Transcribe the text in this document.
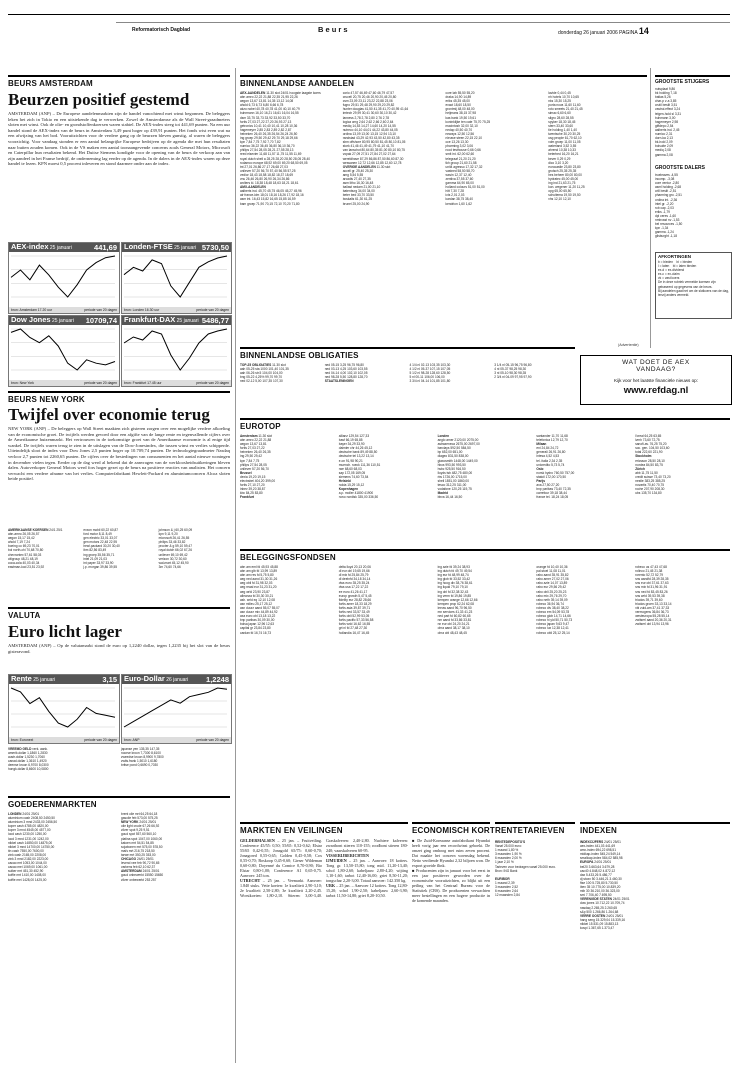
Reformatorisch Dagblad	B e u r s	donderdag 26 januari 2006 PAGINA 14
BEURS AMSTERDAM
Beurzen positief gestemd
AMSTERDAM (ANP) – De Europese aandelenmarkten zijn de handel vanochtend met winst begonnen. De beleggers leken het zich in Tokio en een uitstekende dag te verwerken. Zowel de Amsterdamse als de Wall Street-graadmeters sloten met winst. Ook de olie- en grondstoffenkoersen waren stabiel. De AEX-index steeg tot 441,69 punten. Na een uur handel stond de AEX-index van de beurs in Amsterdam 3,49 punt hoger op 439,91 punten. Het fonds wist even wat na een afwijzing van het bod. Vooruitzichten voor de verdere gang op de beurzen bleven gunstig, al waren de beleggers voorzichtig. Voor vandaag stonden er een aantal belangrijke Europese bedrijven op de agenda die met hun resultaten naar buiten zouden komen. Ook in de VS maken een aantal toonaangevende concerns zoals General Motors, Microsoft en Caterpillar hun resultaten bekend. Het Duitse Siemens kondigde voor de opening van de beurs de verkoop aan van zijn aandeel in het Franse bedrijf, de onderneming lag eerder op de agenda. In de dalers in de AEX-index waren op deze handel te lezen. KPN moest 0,5 procent inleveren en stond daarmee onder aan de index.
AEX-index 25 januari	441,69
bron: Amsterdam 17.20 uur	periode van 20 dagen
Londen-FTSE 25 januari 5730,50
bron: Londen 16.30 uur	periode van 20 dagen
Dow Jones 25 januari 10709,74
bron: New York	periode van 20 dagen
Frankfurt-DAX 25 januari 5486,77
bron: Frankfurt 17.45 uur	periode van 20 dagen
BEURS NEW YORK
Twijfel over economie terug
NEW YORK (ANP) – De beleggers op Wall Street maakten zich gisteren zorgen over een mogelijke verdere afkoeling van de economische groei. De twijfels werden gevoed door een afgifte van de lange rente en tegenvallende cijfers over de Amerikaanse huizenmarkt. Het vertrouwen in de toekomstige groei van de Amerikaanse economie is al enige tijd wankel. De twijfels waren terug te zien in de uitslagen van de Dow-Jonesindex, die tussen winst en verlies schipperde. Uiteindelijk sloot de index voor Dow Jones 2,5 punten hoger op 10.709,74 punten. De technologiegraadmeter Nasdaq verloor 2,7 punten tot 2260,65 punten. De cijfers over de bestedingen van consumenten en het aantal nieuwe woningen in december vielen tegen. Eerder op de dag werd al bekend dat de aanvragen van de werkloosheidsuitkeringen bleven dalen. Autoverkoper General Motors werd fors hoger gezet op de beurs na positieve reacties van analisten. Het concern verwacht een verdere afname van het verlies. Computerfabrikant Hewlett-Packard en aluminiumconcern Alcoa sloten beide positief.
AMERIKAANSE KOERSEN 24/1 25/1
abn-amro 26,05 26,57
aegon 15,17 15,42
ahold 7,19 7,24
boeing co 69,23 70,01
bol north-chi 70,68 70,80
chevrontex 57,61 58,03
citigroup 48,21 48,19
coca-cola 40,03 40,34
eastman-kod 23,51 23,92
exxon mobil 60,22 60,87
ford motor 8,11 8,49
gen electric 33,01 33,07
gen motors 22,48 22,95
hewl.packard 30,20 30,40
ibm 82,56 83,49
ing groep 35,56 35,71
intel 21,09 21,03
int paper 33,97 33,90
j.p. morgan 39,86 39,55
johnson & j 60,25 60,09
kpn 9,11 9,20
microsoft 26,41 26,55
philips 33,46 33,82
procter & g 59,10 59,47
royal dutch 66,02 67,26
unilever 69,10 69,42
verizon 30,72 30,60
wal-mart 45,12 45,90
3m 74,60 74,66
VALUTA
Euro licht lager
AMSTERDAM (ANP) – Op de valutamarkt stond de euro op 1,2240 dollar, tegen 1,2235 bij het slot van de beurs gisteravond.
Rente 25 januari	3,15
bron: Euronext	periode van 20 dagen
Euro-Dollar 26 januari 1,2248
bron: ANP	periode van 20 dagen
VREEMD GELD verk. aank.
amerik.dollar 1,1860 1,2830
austr.dollar 1,5230 1,7060
canad.dollar 1,3610 1,4920
deense kroon 6,9700 8,0300
hongk.dollar 8,6600 10,0800
japanse yen 135,35 147,35
noorse kroon 7,7300 8,6100
zweedse kroon 8,9900 9,7800
zwits.frank 1,5010 1,6180
britse pond 0,6690 0,7030
GOEDERENMARKTEN
LONDEN 24/01 25/01
aluminium cash 2408,50 2450,50
aluminium 3 mnd 2433,00 2456,50
koper cash 4785,00 4820,00
koper 3 mnd 4545,00 4577,00
lood cash 1230,00 1250,00
lood 3 mnd 1231,00 1242,00
nikkel cash 14850,00 14875,00
nikkel 3 mnd 14700,00 14750,00
tin cash 7550,00 7600,00
zink cash 2165,00 2208,00
zink 3 mnd 2182,00 2223,00
cacao mrt 1053,00 1044,00
cacao mei 1069,00 1061,00
suiker mrt 451,30 452,90
koffie mrt 1410,00 1408,00
koffie mei 1428,00 1425,00
brent olie mrt 64,25 64,18
gasolie feb 573,00 575,25
NEW YORK 24/01 25/01
olie light crude 67,26 66,92
zilver spot 9,25 9,51
goud spot 557,60 560,10
platina spot 1047,00 1060,00
katoen mrt 54,51 54,85
sojabonen mrt 575,00 578,50
maïs mrt 216,75 218,50
tarwe mrt 350,25 353,00
CHICAGO 24/01 25/01
levend vee feb 90,72 90,65
varkens feb 62,10 62,37
AMSTERDAM 24/01 25/01
goud onbewerkt 15550 15650
zilver onbewerkt 253 257
BINNENLANDSE AANDELEN
AEX-AANDELEN 11.30 slot 24/01 hoogste laagste koers
abn amro 22,22 21,88 22,35 21,95 22,26
aegon 13,67 13,81 14,35 13,12 14,08
ahold 6,73 6,73 6,80 6,66 6,78
akzo nobel 40,78 40,78 41,00 40,10 40,79
buhrmann 16,10 16,21 16,61 16,04 16,55
dsm 33,75 33,73 33,92 33,50 33,70
fortis 27,03 27,22 27,20 26,93 27,13
getronics 10,41 10,40 10,41 10,28 10,36
hagemeyer 2,85 2,83 2,89 2,82 2,87
heineken 26,40 26,35 26,54 26,24 26,50
ing groep 29,50 29,42 29,70 29,18 29,66
kpn 7,84 7,75 7,92 7,70 7,82
numico 36,22 36,45 36,80 36,10 36,70
philips 27,54 28,05 28,21 27,55 28,13
reed elsevier 11,68 11,57 11,75 11,55 11,69
royal dutch shell a 28,25 28,20 28,50 28,05 28,40
rodamco europe 68,92 69,00 69,20 68,50 69,05
tnt 27,01 26,86 27,17 26,68 27,03
unilever 57,20 56,70 57,40 56,55 57,25
vedior 18,43 18,58 18,82 18,37 18,69
vnu 26,46 26,80 26,90 26,34 26,86
wolters kl. 18,38 18,48 18,63 18,21 18,61
AMX-AANDELEN
aalberts ind. 45,70 45,75 46,05 45,27 45,96
air france-klm 18,01 18,16 18,26 17,92 18,16
asm int. 16,43 15,82 16,65 15,85 16,59
bam groep 71,90 70,15 72,10 70,20 71,80
corio 47,57 46,69 47,60 46,79 47,57
crucell 20,75 20,46 20,90 20,45 20,80
csm 23,09 23,11 23,22 22,88 23,06
fugro 29,51 29,48 29,90 29,20 29,82
hunter douglas 41,50 41,35 41,70 40,95 41,64
imtech 29,99 30,41 30,60 30,10 30,42
lanxess 2,78 2,78 2,80 2,76 2,78
logica cmg 2,64 2,62 2,66 2,60 2,64
mediq 14,53 14,27 14,60 14,20 14,55
nutreco 44,10 44,01 44,22 43,80 44,05
ordina 13,09 13,00 13,15 12,94 13,10
randstad 43,29 42,93 43,50 42,80 43,35
sbm offshore 80,95 80,50 81,45 80,10 81,05
stork 41,46 41,49 41,79 41,10 41,70
van lanschot 80,64 80,35 81,00 80,10 80,75
vopak 27,09 27,51 27,84 27,02 27,64
wereldhave 87,29 86,86 87,50 86,60 87,30
wessanen 12,72 12,66 12,85 12,60 12,78
OVERIGE AANDELEN 11.30 slot
accell gr. 25,40 25,30
amg 5,54 5,55
arcadis 27,40 27,35
asm litho 16,30 16,48
ballast nedam 21,00 21,10
batenburg 34,00 34,00
beter bed 33,70 33,50
boskalis 61,30 61,25
brunel 25,00 24,90
core lab 55,50 55,20
draka 14,90 14,89
eriks 45,35 45,00
exact 18,60 18,50
grontmij 48,00 48,00
heijmans 38,15 37,98
kas bank 19,50 19,61
koninklijke ten cate 75,70 75,25
macintosh 32,00 32,10
nedap 40,50 40,70
neways 12,50 12,56
nieuwe steen 22,15 22,10
oce 13,26 13,30
pharming 3,02 3,06
rood testhouse 0,66 0,66
smit int. 62,00 62,60
telegraaf 21,20 21,20
tkh group 21,60 21,58
unit4 agresso 17,32 17,32
vastned 58,50 58,70
wavin 12,37 12,40
zentiva 37,55 37,60
gamma 64,90 65,00
holland colours 51,00 51,00
hitt 7,30 7,28
icts 2,01 2,03
kardan 38,75 38,40
kendrion 1,60 1,62
lavide 0,44 0,45
nh hotels 10,70 10,65
nks 15,30 15,25
porta nova 11,60 11,60
roto smeets 21,40 21,45
simac 6,60 6,60
sligro 28,60 28,55
spyker 18,30 18,45
stern 33,40 33,60
tie holding 1,40 1,40
twentsche 30,20 30,25
usg people 61,70 62,10
vdm groep 11,00 11,05
waterland 3,52 3,55
ahrend 10,38 10,33
beterbed 16,20 16,21
bever 0,29 0,29
dico 3,10 3,20
eurocastle 23,80 23,80
grolsch 25,35 25,35
hes beheer 80,00 80,00
hydratec 45,00 45,00
ing ind 21,63 21,75
kon. wegener 11,20 11,25
opg 65,00 65,50
schuitema 19,50 19,50
vhs 12,10 12,10
(Advertentie)
GROOTSTE STIJGERS
nutsplaat 9,86
bk holding 7,18
batlas 5,26
char-p v-a 3,85
crutil beslit 3,51
vastrui.effect 3,24
telgen-hold sl 3,31
buhmann 3,00
hagemeyer 2,98
giftdepo 2,54
aalberts ind. 2,45
numico 2,31
dorn-ka 2,13
bk-hold 2,09
bolsuite 2,09
mediq 2,08
gamma 2,08
GROOTSTE DALERS
trueleaves -4,55
incomp. -3,08
core ventur -2,80
asml holding -2,68
crill beslit -2,51
pharming gro -2,51
ordina int. -2,36
intel gr. -2,20
rob cap -2,03
eriks -1,79
dpl ceres -1,60
nmbvast nv -1,53
bel resources -1,50
kpn -1,34
gamma -1,24
gilsburght -1,18
AFKORTINGEN
b = bieden    bi = bieden
l = laten    bl = laten bieden
ex-d = ex-dividend
ex-c = ex-claim
vk = vast koers
De in deze rubriek vermelde koersen zijn gebaseerd op gegevens van de beurs.
Bij aandelen gaat het om de slotkoers van de dag, tenzij anders vermeld.
WAT DOET DE AEX
VANDAAG?
Kijk voor het laatste financiële nieuws op:
www.refdag.nl
BINNENLANDSE OBLIGATIES
TOP-25 OBLIGATIES 11.30 slot
aah 05-25 sta 1000 101,40 101,35
aah 06-26 str.5 104,00 104,00
bng 05-22 4,25% 99,70 99,70
ned 02-12 5,00 107,35 107,30
ned 05-15 3,25 96,75 96,80
ned 03-13 4,25 103,60 103,55
ned 04-14 4,00 102,10 102,05
ned 98-28 5,50 128,80 128,70
STAATSLENINGEN
4 1/4 nl 02-13 103,35 103,30
4 1/2 nl 05-37 107,15 107,05
5 1/2 nl 98-28 128,60 128,50
5 nl 00-11 106,00 106,00
3 3/4 nl 04-14 101,85 101,80
3 1/4 nl 05-15 96,75 96,80
4 nl 05-37 98,25 98,30
3 nl 05-10 98,30 98,35
2 3/4 nl 04-09 97,95 97,90
EUROTOP
Amsterdam 11.30 slot
abn amro 22,22 21,88
aegon 13,67 13,81
fortis 27,03 27,22
heineken 26,40 26,35
ing 29,50 29,42
kpn 7,84 7,75
philips 27,54 28,05
unilever 57,20 56,70
Brussel
dexia 19,20 19,15
electrabel 404,20 399,00
fortis 27,10 27,20
inbev 39,20 38,87
kbc 84,25 83,80
Frankfurt
allianz 129,54 127,33
basf 66,19 65,85
bayer 34,29 33,90
daimler chr 44,26 45,12
deutsche bank 89,49 88,50
deutsche tel 13,22 13,14
e.on 91,98 90,21
muench. rueck 111,36 110,51
rwe 68,60 68,03
sap 172,05 169,05
siemens 74,60 73,54
Helsinki
nokia 15,29 15,12
Kopenhagen
a.p. moller 41800 41900
novo nordisk 335,00 336,50
Londen
anglo amer 2120,00 2075,00
astrazeneca 2675,00 2697,00
barclays 592,50 584,50
bp 652,00 651,00
diageo 831,50 838,00
glaxosmith 1448,00 1449,00
hbos 993,50 993,50
hsbc 925,50 916,50
lloyds tsb 482,75 480,00
rbs 1726,00 1715,00
shell 1851,00 1860,00
tesco 312,25 311,00
vodafone 120,25 119,75
Madrid
bbva 16,44 16,50
santander 11,70 11,68
telefonica 12,79 12,70
Milaan
eni 24,84 24,72
generali 26,91 26,80
intesa 4,52 4,53
tel. italia 2,34 2,35
unicredito 5,73 5,74
Oslo
norsk hydro 760,50 757,00
statoil 172,00 170,50
Parijs
axa 27,50 27,20
bnp paribas 73,40 72,35
carrefour 39,18 38,44
france tel. 18,24 18,05
l'oreal 64,25 63,65
lvmh 73,60 72,75
sanofi-av. 76,25 75,20
soc. gen. 104,50 103,60
total 222,60 221,90
Stockholm
ericsson 28,50 28,10
nordea 84,50 83,75
Zürich
abb 11,75 11,50
credit suisse 73,40 73,20
nestle 383,25 385,25
novartis 70,40 70,75
roche 207,90 208,30
ubs 135,70 134,80
BELEGGINGSFONDSEN
abn am eml fd 45,93 45,88
abn am glb fd 13,99 13,89
abn am res fd 5,75 5,80
aeg ned aand 31,30 31,26
aeg obli fd 31,98 32,03
aeg reaal eur 31,23 31,20
aeg wrld 23,90 23,87
alleanza fd 30,30 30,21
ash. wrld eq 12,10 12,08
asn milieu 25,17 25,12
asn duurz aand 55,07 55,07
asn duurz mix 44,89 44,92
axa euro obl 13,18 13,22
bnp paribas 30,09 30,00
bolsa japan 12,96 12,63
capital gr 23,84 23,80
cardan fd 16,74 16,73
delta lloyd 20,13 20,06
dl eur obl 19,65 19,66
dl mix fd 25,84 25,79
dl deelnfd 34,18 34,14
dws euro 35,25 35,24
dws usa 17,22 17,22
ee euro 41,26 41,17
europ growth 5,47 5,45
fidelity eur 28,82 28,66
fortis amer 18,33 18,29
fortis asia 39,87 39,71
fortis ned 33,57 33,49
fortis obli 52,99 53,05
fortis pacific 57,33 56,58
fortis wrld 16,62 16,55
grt nl fd 27,48 27,30
hollandia 16,47 16,45
ing azie fd 39,24 38,93
ing dutch fd 49,70 49,54
ing eur fd 48,99 48,74
ing glob fd 33,52 33,42
ing hoog div 38,76 38,61
ing liquid 79,10 79,10
ing obl fd 32,38 32,43
ing verm fd 19,86 19,85
kempen orange 12,66 12,66
kempen prop 62,24 62,08
leeuw aand 96,70 96,50
mn services 41,33 41,23
ned part fd 60,82 60,65
nm aand fd 33,86 33,81
nn eur obl 24,20 24,21
ohra aand 38,17 38,10
ohra obl 48,43 48,45
orange fd 10,40 10,36
pal.stoel 11,08 11,01
rabo aand 35,91 35,82
rabo amer 27,02 27,06
rabo azie 14,07 13,89
rabo eur 29,56 29,42
rabo obli 25,20 25,23
rabo mix 29,76 29,70
rabo neth 39,14 39,09
robeco 36,94 36,74
robeco div 38,40 38,22
robeco em 54,09 53,78
robeco glob 14,71 14,66
robeco hi yld 50,71 50,73
robeco japan 9,63 9,47
robeco lux 12,38 12,41
robeco obli 25,12 25,14
robeco us 47,43 47,68
rolinco 21,45 21,38
rorento 52,72 52,79
sns aandfd 28,39 28,35
sns eur obl 37,61 37,63
sns mix fd 31,96 31,91
sns ned fd 83,45 83,26
sns wrld 39,53 39,38
triodos 39,71 39,60
triodos groen 33,13 33,14
vbi zuid-am 37,41 37,33
vermogens 36,84 36,73
westeuropa 55,28 55,14
zwitserl aand 20,36 20,31
zwitserl obl 13,94 13,96
MARKTEN EN VEILINGEN
GELDERMALSEN – 25 jan. – Fruitveiling. Conference 45/55: 0,50; 55/65: 0,52-0,62; Elstar 55/65 0,42-0,55; Jonagold 65/75: 0,60-0,70; Jonagored 0,55-0,65; Golden 0,45-0,58; Cox 0,55-0,70; Boskoop 0,45-0,60; Gieser Wildeman 0,60-0,80; Doyenné du Comice 0,70-0,90; Bio Elstar 0,80-1,00; Conference A1 0,65-0,75. Aanvoer: 245 ton.
UTRECHT – 25 jan. – Veemarkt. Aanvoer: 1.840 stuks. Vette koeien: 1e kwaliteit 2,90-3,10; 2e kwaliteit 2,50-2,80; 3e kwaliteit 2,20-2,45. Worstkoeien: 1,80-2,10. Stieren: 3,00-3,40. Graskalveren: 2,40-2,80. Nuchtere kalveren: zwartbont stieren 110-155; roodbont stieren 180-240; vaarskalveren 60-95.
VISSERIJBERICHTEN
IJMUIDEN – 25 jan. – Aanvoer: 18 kotters. Tong gr. 13,50-15,80; tong mid. 11,20-13,40; schol 1,80-2,60; kabeljauw 2,80-4,20; wijting 1,10-1,60; tarbot 12,40-16,00; griet 8,50-11,20; tongschar 2,20-3,00. Totaal aanvoer: 142.350 kg.
URK – 25 jan. – Aanvoer 12 kotters. Tong 12,80-15,20; schol 1,90-2,50; kabeljauw 2,60-3,90; tarbot 11,50-14,80; griet 8,20-10,50.
ECONOMISCH KORT
■ De Zuid-Koreaanse autofabrikant Hyundai heeft vorig jaar een recordwinst geboekt. De omzet ging omhoog met ruim zeven procent. Dat maakte het concern woensdag bekend. Netto verdiende Hyundai 2,32 biljoen won. De export groeide flink.
■ Producenten zijn in januari voor het eerst in een jaar positiever geworden over de economische vooruitzichten, zo blijkt uit een peiling van het Centraal Bureau voor de Statistiek (CBS). De producenten verwachten meer bestellingen en een hogere productie in de komende maanden.
RENTETARIEVEN
RENTEDEPOSITO'S
Vanaf 25.000 euro:
1 maand 1,80 %
3 maanden 1,90 %
6 maanden 2,00 %
1 jaar 2,10 %
Tarieven voor bedragen vanaf 25.000 euro.
Bron: ING Bank

EURIBOR
1 maand 2,39
3 maanden 2,52
6 maanden 2,64
12 maanden 2,84
INDEXEN
INDEXCIJFERS 24/01 25/01
aex-index 441,03 441,69
amx-index 694,22 698,51
midkap-index 545,24 549,14
smallcap-index 584,02 585,98
EUROPA 24/01 25/01
bel20 3.663,64 3.679,28
cac40 4.848,02 4.872,12
dax 5.433,26 5.486,77
dj stoxx 50 3.446,21 3.460,30
ftse 100 5.725,80 5.730,50
ibex 35 10.775,00 10.839,20
mib 30 36.210,00 36.323,00
smi 7.706,40 7.695,50
VERENIGDE STATEN 24/01 25/01
dow jones 10.712,22 10.709,74
nasdaq 2.265,25 2.260,65
s&p 500 1.266,86 1.264,68
VERRE OOSTEN 24/01 25/01
hang seng 15.329,04 15.339,16
nikkei 15.531,09 15.883,13
kospi 1.367,65 1.373,47
